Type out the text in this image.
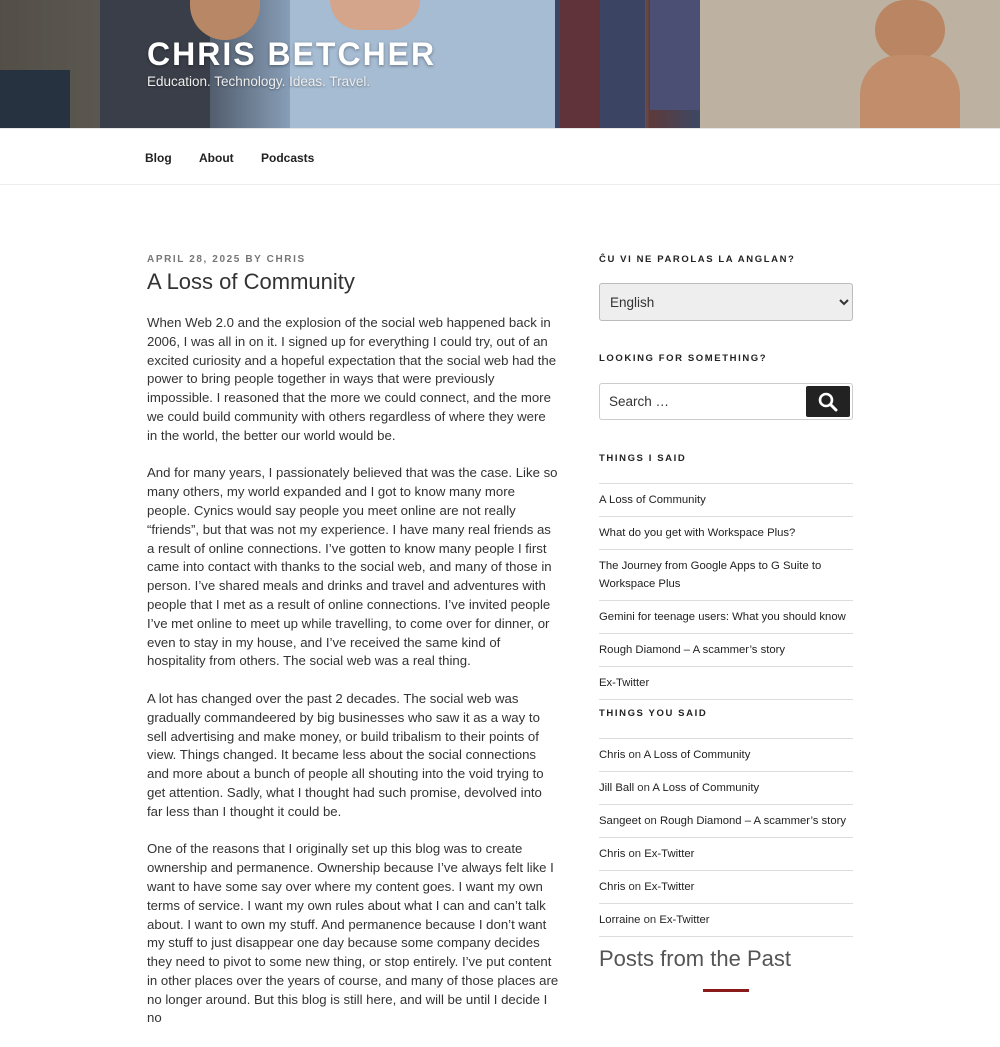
CHRIS BETCHER
Education. Technology. Ideas. Travel.
Blog About Podcasts
APRIL 28, 2025 BY CHRIS
A Loss of Community

When Web 2.0 and the explosion of the social web happened back in 2006, I was all in on it. I signed up for everything I could try, out of an excited curiosity and a hopeful expectation that the social web had the power to bring people together in ways that were previously impossible. I reasoned that the more we could connect, and the more we could build community with others regardless of where they were in the world, the better our world would be.

And for many years, I passionately believed that was the case. Like so many others, my world expanded and I got to know many more people. Cynics would say people you meet online are not really “friends”, but that was not my experience. I have many real friends as a result of online connections. I’ve gotten to know many people I first came into contact with thanks to the social web, and many of those in person. I’ve shared meals and drinks and travel and adventures with people that I met as a result of online connections. I’ve invited people I’ve met online to meet up while travelling, to come over for dinner, or even to stay in my house, and I’ve received the same kind of hospitality from others. The social web was a real thing.

A lot has changed over the past 2 decades. The social web was gradually commandeered by big businesses who saw it as a way to sell advertising and make money, or build tribalism to their points of view. Things changed. It became less about the social connections and more about a bunch of people all shouting into the void trying to get attention. Sadly, what I thought had such promise, devolved into far less than I thought it could be.

One of the reasons that I originally set up this blog was to create ownership and permanence. Ownership because I’ve always felt like I want to have some say over where my content goes. I want my own terms of service. I want my own rules about what I can and can’t talk about. I want to own my stuff. And permanence because I don’t want my stuff to just disappear one day because some company decides they need to pivot to some new thing, or stop entirely. I’ve put content in other places over the years of course, and many of those places are no longer around. But this blog is still here, and will be until I decide I no

ĈU VI NE PAROLAS LA ANGLAN?
English
LOOKING FOR SOMETHING?
Search …
THINGS I SAID
A Loss of Community
What do you get with Workspace Plus?
The Journey from Google Apps to G Suite to Workspace Plus
Gemini for teenage users: What you should know
Rough Diamond – A scammer’s story
Ex-Twitter
THINGS YOU SAID
Chris on A Loss of Community
Jill Ball on A Loss of Community
Sangeet on Rough Diamond – A scammer’s story
Chris on Ex-Twitter
Chris on Ex-Twitter
Lorraine on Ex-Twitter
Posts from the Past
